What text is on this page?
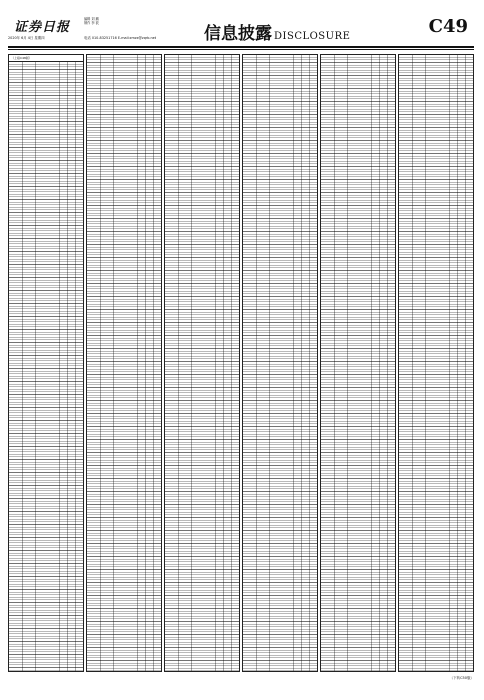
证券日报
编辑 刘 鹏
制作 李 波
2020年 6月 4日 星期四	电话 010-83251716 E-mail:zmzx@zqrb.net	信息披露 DISCLOSURE	C49
（上接C48版）
（下转C50版）
